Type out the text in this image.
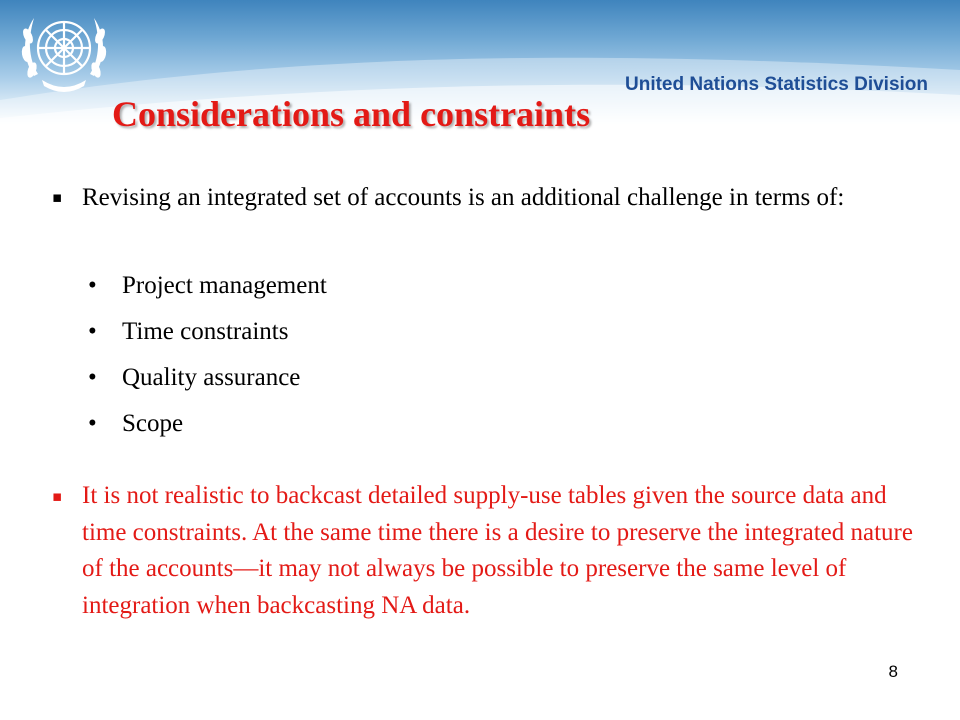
United Nations Statistics Division
Considerations and constraints
▪ Revising an integrated set of accounts is an additional challenge in terms of:
• Project management
• Time constraints
• Quality assurance
• Scope
▪ It is not realistic to backcast detailed supply-use tables given the source data and time constraints. At the same time there is a desire to preserve the integrated nature of the accounts—it may not always be possible to preserve the same level of integration when backcasting NA data.
8
